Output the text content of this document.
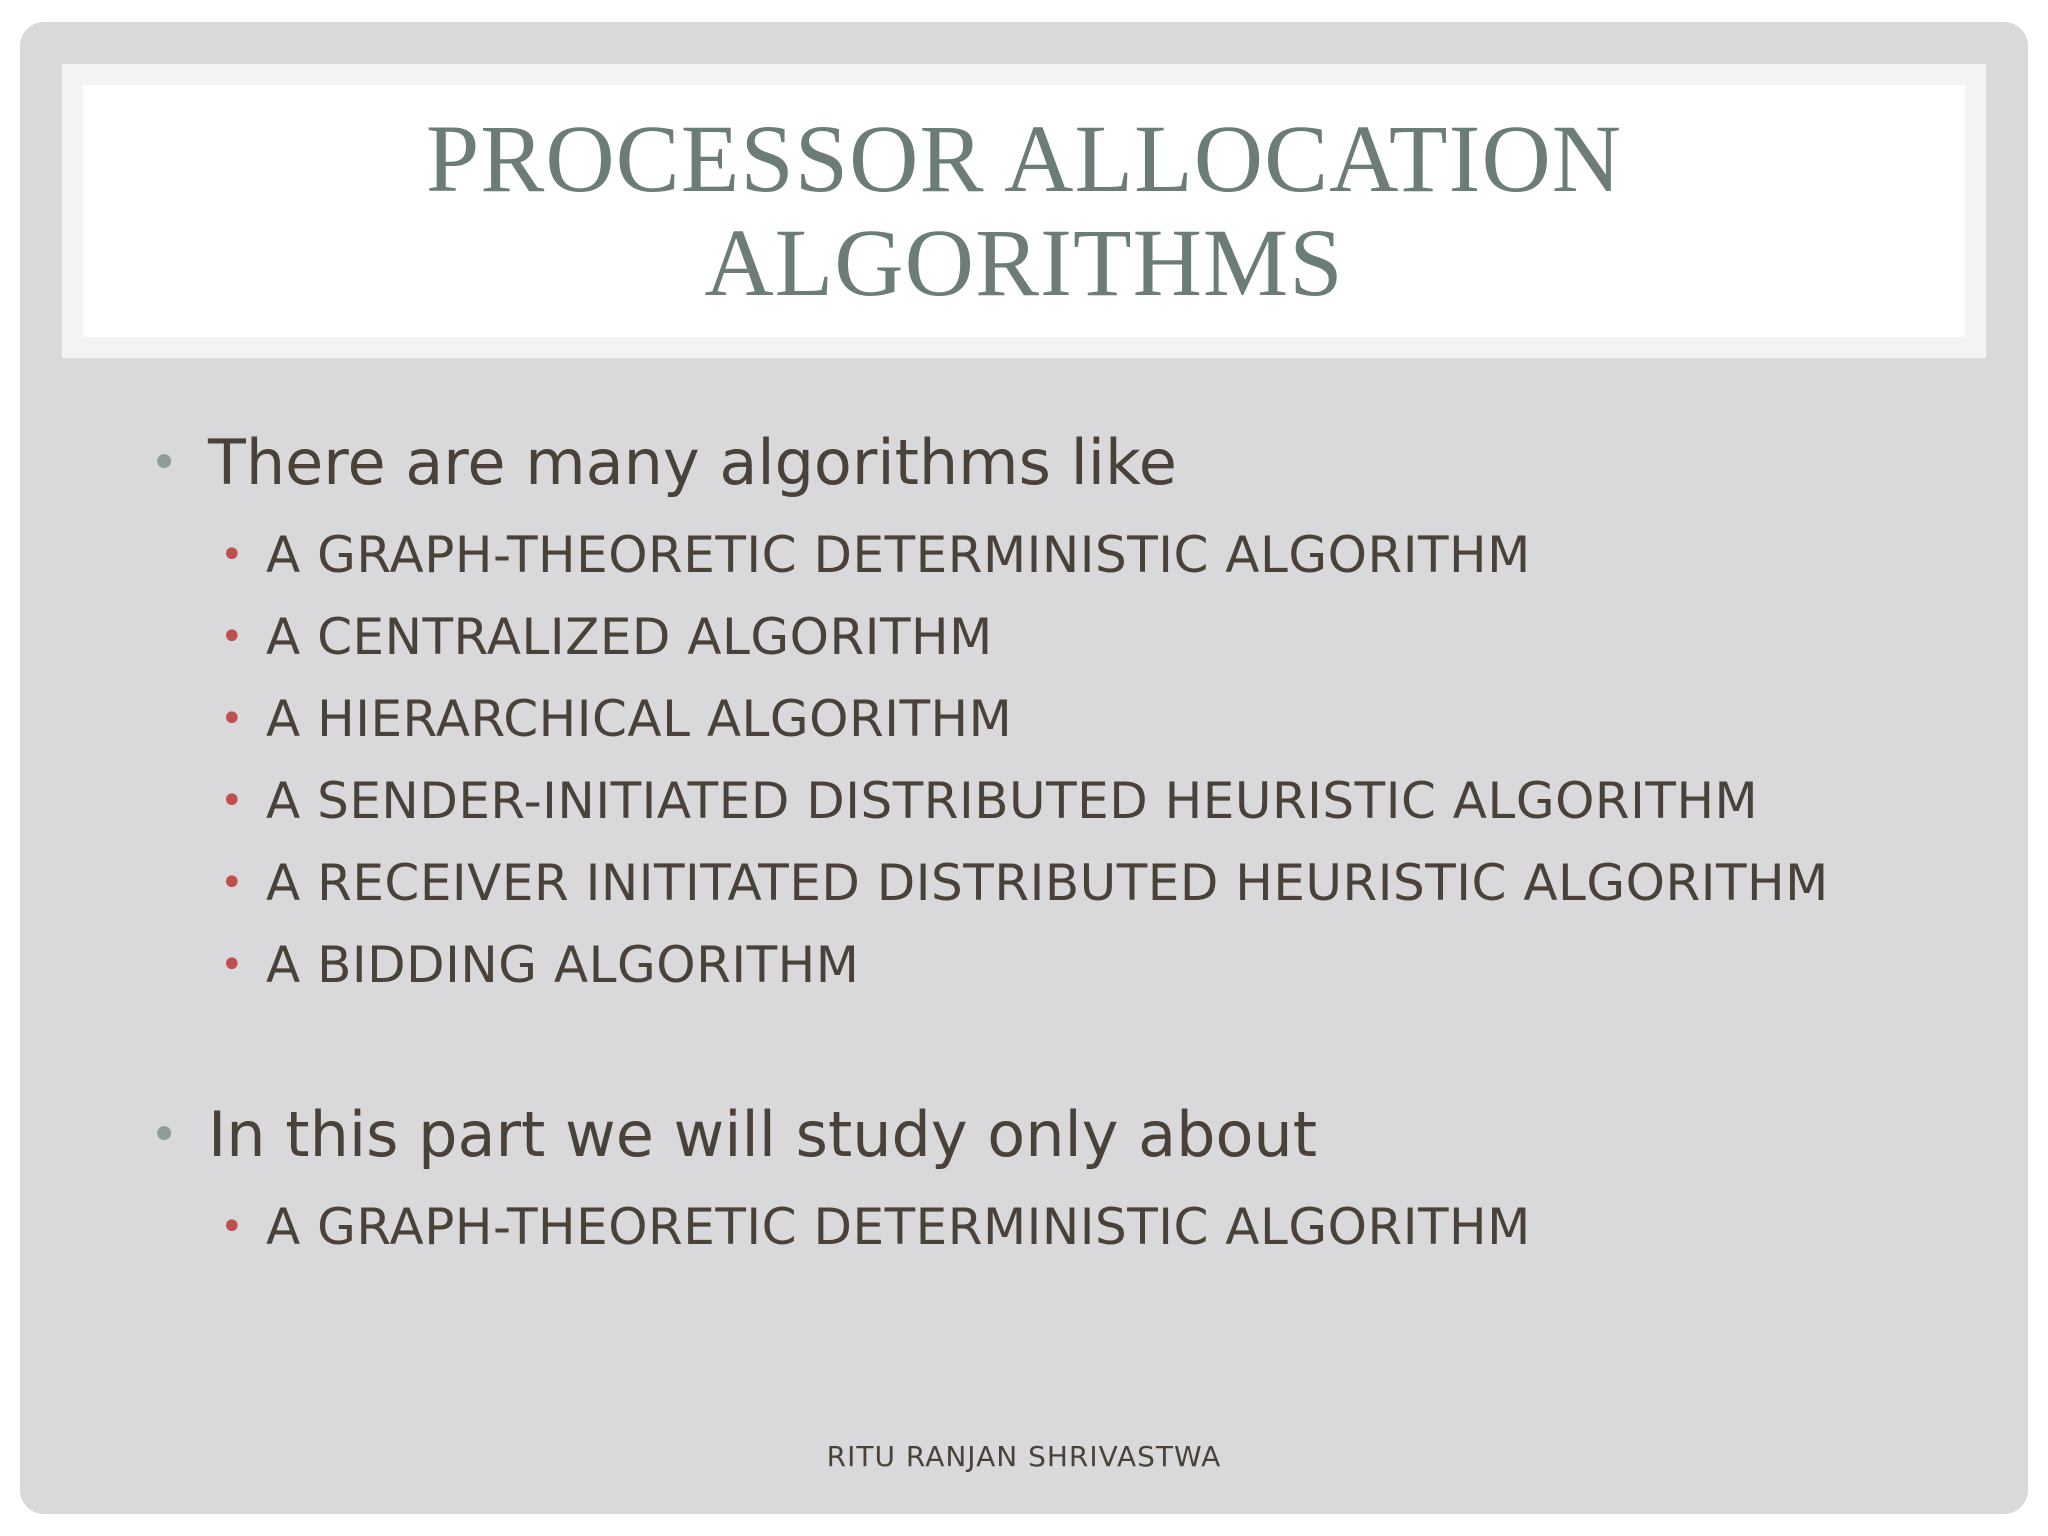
PROCESSOR ALLOCATION ALGORITHMS
• There are many algorithms like
• A GRAPH-THEORETIC DETERMINISTIC ALGORITHM
• A CENTRALIZED ALGORITHM
• A HIERARCHICAL ALGORITHM
• A SENDER-INITIATED DISTRIBUTED HEURISTIC ALGORITHM
• A RECEIVER INITITATED DISTRIBUTED HEURISTIC ALGORITHM
• A BIDDING ALGORITHM
• In this part we will study only about
• A GRAPH-THEORETIC DETERMINISTIC ALGORITHM
RITU RANJAN SHRIVASTWA
